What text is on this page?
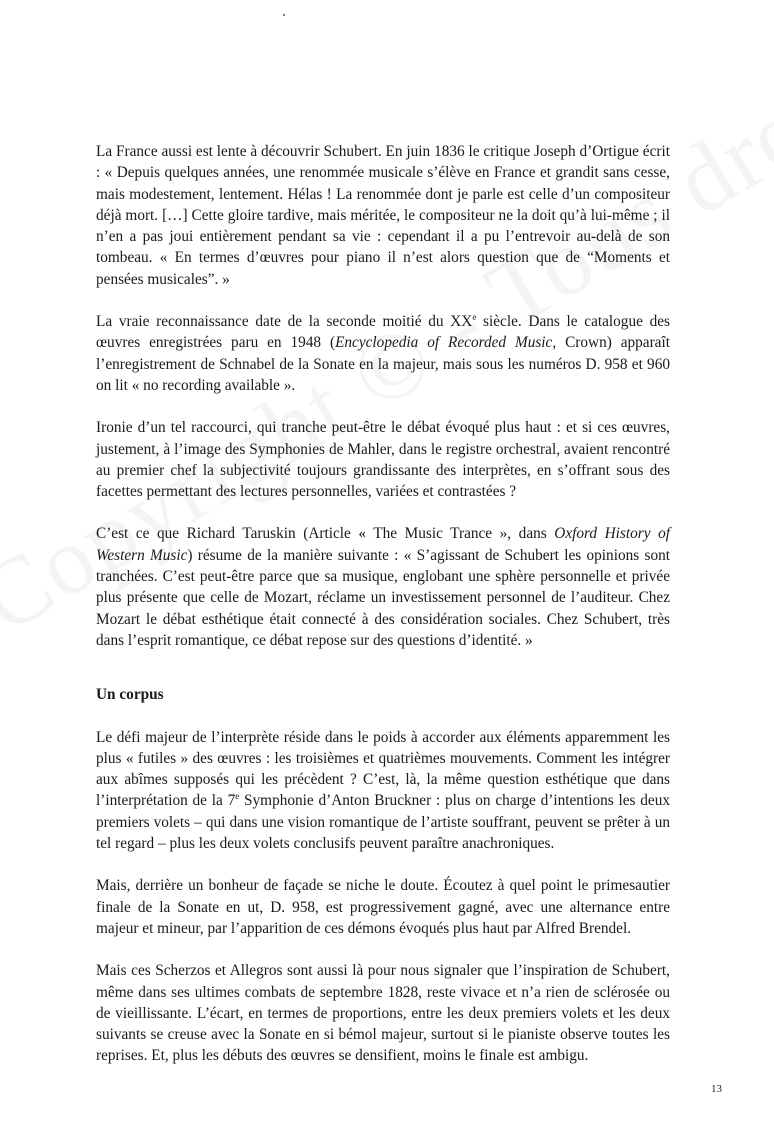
La France aussi est lente à découvrir Schubert. En juin 1836 le critique Joseph d’Ortigue écrit : « Depuis quelques années, une renommée musicale s’élève en France et grandit sans cesse, mais modestement, lentement. Hélas ! La renommée dont je parle est celle d’un compositeur déjà mort. […] Cette gloire tardive, mais méritée, le compositeur ne la doit qu’à lui-même ; il n’en a pas joui entièrement pendant sa vie : cependant il a pu l’entrevoir au-delà de son tombeau. « En termes d’œuvres pour piano il n’est alors question que de “Moments et pensées musicales”. »

La vraie reconnaissance date de la seconde moitié du XXe siècle. Dans le catalogue des œuvres enregistrées paru en 1948 (Encyclopedia of Recorded Music, Crown) apparaît l’enregistrement de Schnabel de la Sonate en la majeur, mais sous les numéros D. 958 et 960 on lit « no recording available ».

Ironie d’un tel raccourci, qui tranche peut-être le débat évoqué plus haut : et si ces œuvres, justement, à l’image des Symphonies de Mahler, dans le registre orchestral, avaient rencontré au premier chef la subjectivité toujours grandissante des interprètes, en s’offrant sous des facettes permettant des lectures personnelles, variées et contrastées ?

C’est ce que Richard Taruskin (Article « The Music Trance », dans Oxford History of Western Music) résume de la manière suivante : « S’agissant de Schubert les opinions sont tranchées. C’est peut-être parce que sa musique, englobant une sphère personnelle et privée plus présente que celle de Mozart, réclame un investissement personnel de l’auditeur. Chez Mozart le débat esthétique était connecté à des considération sociales. Chez Schubert, très dans l’esprit romantique, ce débat repose sur des questions d’identité. »

Un corpus

Le défi majeur de l’interprète réside dans le poids à accorder aux éléments apparemment les plus « futiles » des œuvres : les troisièmes et quatrièmes mouvements. Comment les intégrer aux abîmes supposés qui les précèdent ? C’est, là, la même question esthétique que dans l’interprétation de la 7e Symphonie d’Anton Bruckner : plus on charge d’intentions les deux premiers volets – qui dans une vision romantique de l’artiste souffrant, peuvent se prêter à un tel regard – plus les deux volets conclusifs peuvent paraître anachroniques.

Mais, derrière un bonheur de façade se niche le doute. Écoutez à quel point le primesautier finale de la Sonate en ut, D. 958, est progressivement gagné, avec une alternance entre majeur et mineur, par l’apparition de ces démons évoqués plus haut par Alfred Brendel.

Mais ces Scherzos et Allegros sont aussi là pour nous signaler que l’inspiration de Schubert, même dans ses ultimes combats de septembre 1828, reste vivace et n’a rien de sclérosée ou de vieillissante. L’écart, en termes de proportions, entre les deux premiers volets et les deux suivants se creuse avec la Sonate en si bémol majeur, surtout si le pianiste observe toutes les reprises. Et, plus les débuts des œuvres se densifient, moins le finale est ambigu.

13
